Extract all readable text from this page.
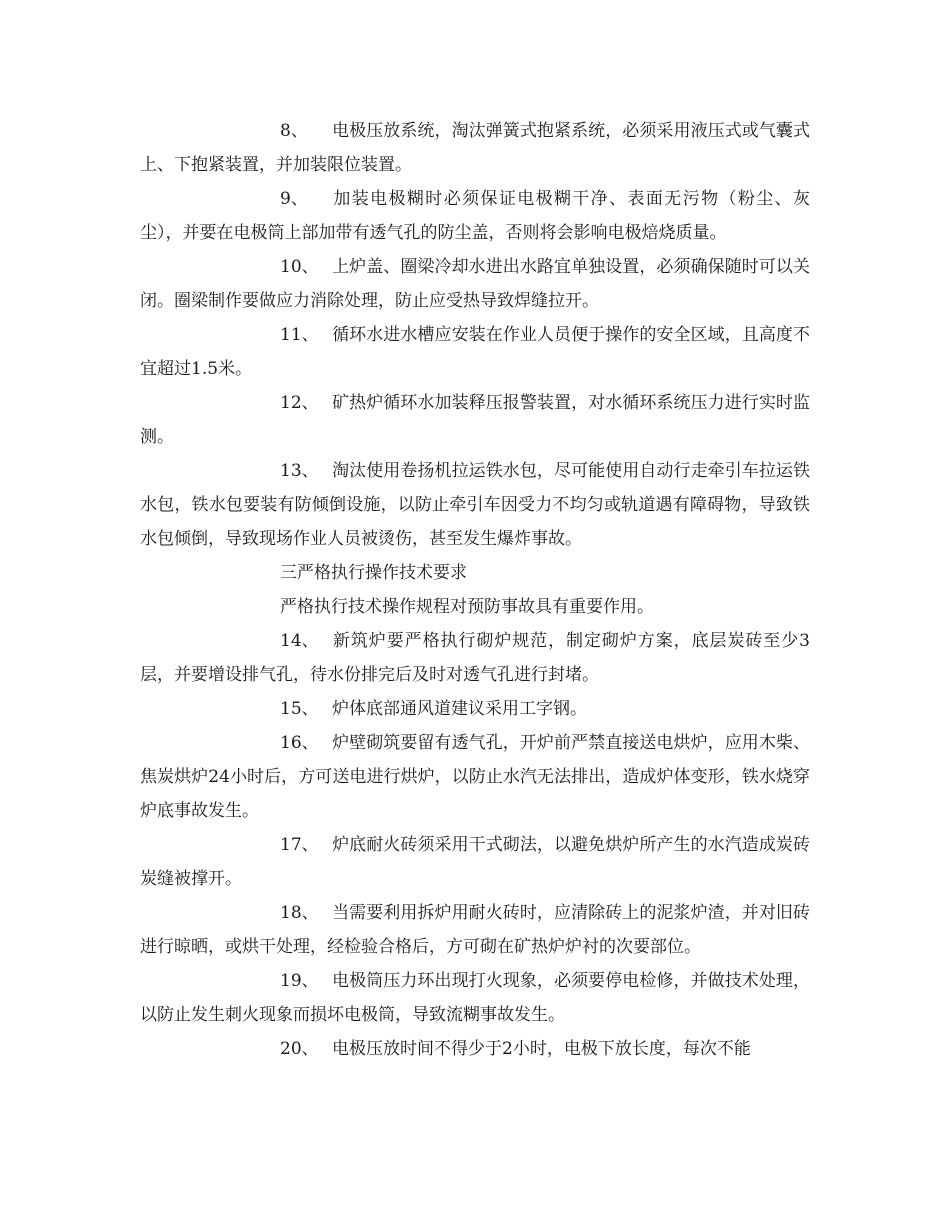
8、 电极压放系统，淘汰弹簧式抱紧系统，必须采用液压式或气囊式上、下抱紧装置，并加装限位装置。

9、 加装电极糊时必须保证电极糊干净、表面无污物（粉尘、灰尘），并要在电极筒上部加带有透气孔的防尘盖，否则将会影响电极焙烧质量。

10、 上炉盖、圈梁冷却水进出水路宜单独设置，必须确保随时可以关闭。圈梁制作要做应力消除处理，防止应受热导致焊缝拉开。

11、 循环水进水槽应安装在作业人员便于操作的安全区域，且高度不宜超过1.5米。

12、 矿热炉循环水加装释压报警装置，对水循环系统压力进行实时监测。

13、 淘汰使用卷扬机拉运铁水包，尽可能使用自动行走牵引车拉运铁水包，铁水包要装有防倾倒设施，以防止牵引车因受力不均匀或轨道遇有障碍物，导致铁水包倾倒，导致现场作业人员被烫伤，甚至发生爆炸事故。

三严格执行操作技术要求

严格执行技术操作规程对预防事故具有重要作用。

14、 新筑炉要严格执行砌炉规范，制定砌炉方案，底层炭砖至少3层，并要增设排气孔，待水份排完后及时对透气孔进行封堵。

15、 炉体底部通风道建议采用工字钢。

16、 炉壁砌筑要留有透气孔，开炉前严禁直接送电烘炉，应用木柴、焦炭烘炉24小时后，方可送电进行烘炉，以防止水汽无法排出，造成炉体变形，铁水烧穿炉底事故发生。

17、 炉底耐火砖须采用干式砌法，以避免烘炉所产生的水汽造成炭砖炭缝被撑开。

18、 当需要利用拆炉用耐火砖时，应清除砖上的泥浆炉渣，并对旧砖进行晾晒，或烘干处理，经检验合格后，方可砌在矿热炉炉衬的次要部位。

19、 电极筒压力环出现打火现象，必须要停电检修，并做技术处理，以防止发生刺火现象而损坏电极筒，导致流糊事故发生。

20、 电极压放时间不得少于2小时，电极下放长度，每次不能
